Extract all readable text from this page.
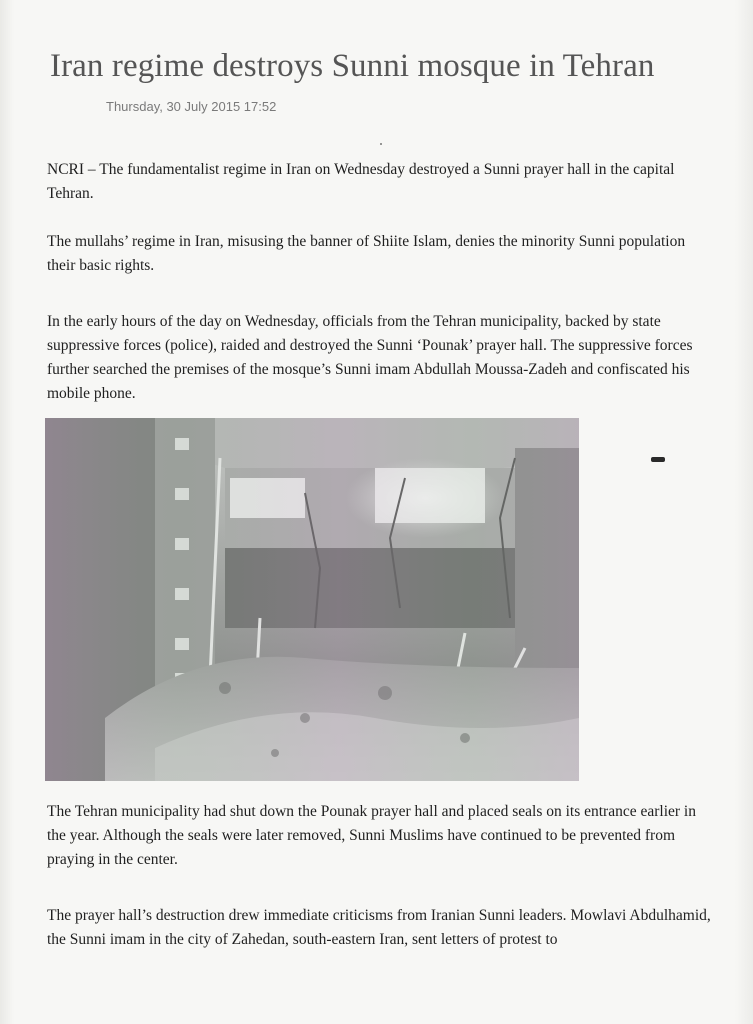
Iran regime destroys Sunni mosque in Tehran
Thursday, 30 July 2015 17:52

NCRI – The fundamentalist regime in Iran on Wednesday destroyed a Sunni prayer hall in the capital Tehran.

The mullahs’ regime in Iran, misusing the banner of Shiite Islam, denies the minority Sunni population their basic rights.

In the early hours of the day on Wednesday, officials from the Tehran municipality, backed by state suppressive forces (police), raided and destroyed the Sunni ‘Pounak’ prayer hall. The suppressive forces further searched the premises of the mosque’s Sunni imam Abdullah Moussa-Zadeh and confiscated his mobile phone.

The Tehran municipality had shut down the Pounak prayer hall and placed seals on its entrance earlier in the year. Although the seals were later removed, Sunni Muslims have continued to be prevented from praying in the center.

The prayer hall’s destruction drew immediate criticisms from Iranian Sunni leaders. Mowlavi Abdulhamid, the Sunni imam in the city of Zahedan, south-eastern Iran, sent letters of protest to
